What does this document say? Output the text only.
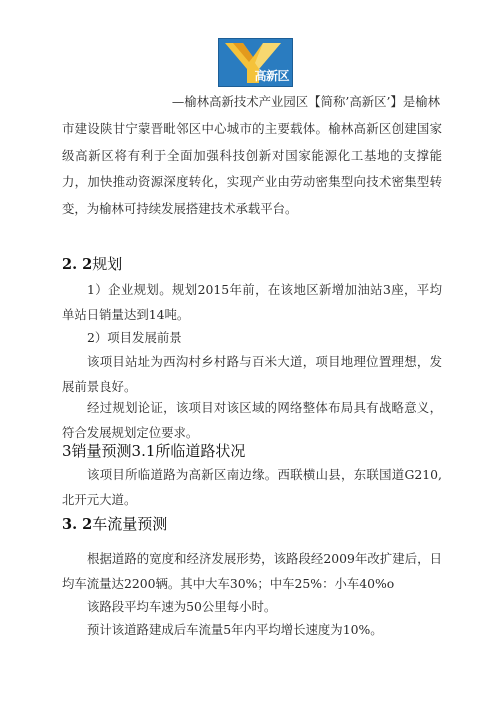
高新区
—榆林高新技术产业园区【简称’高新区’】是榆林
市建设陕甘宁蒙晋毗邻区中心城市的主要载体。榆林高新区创建国家级高新区将有利于全面加强科技创新对国家能源化工基地的支撑能力，加快推动资源深度转化，实现产业由劳动密集型向技术密集型转变，为榆林可持续发展搭建技术承载平台。
2. 2规划
1）企业规划。规划2015年前，在该地区新增加油站3座，平均单站日销量达到14吨。
2）项目发展前景
该项目站址为西沟村乡村路与百米大道，项目地理位置理想，发展前景良好。
经过规划论证，该项目对该区域的网络整体布局具有战略意义，符合发展规划定位要求。
3销量预测3.1所临道路状况
该项目所临道路为高新区南边缘。西联横山县，东联国道G210,北开元大道。
3. 2车流量预测
根据道路的宽度和经济发展形势，该路段经2009年改扩建后，日均车流量达2200辆。其中大车30%；中车25%：小车40%o
该路段平均车速为50公里每小时。
预计该道路建成后车流量5年内平均增长速度为10%。
